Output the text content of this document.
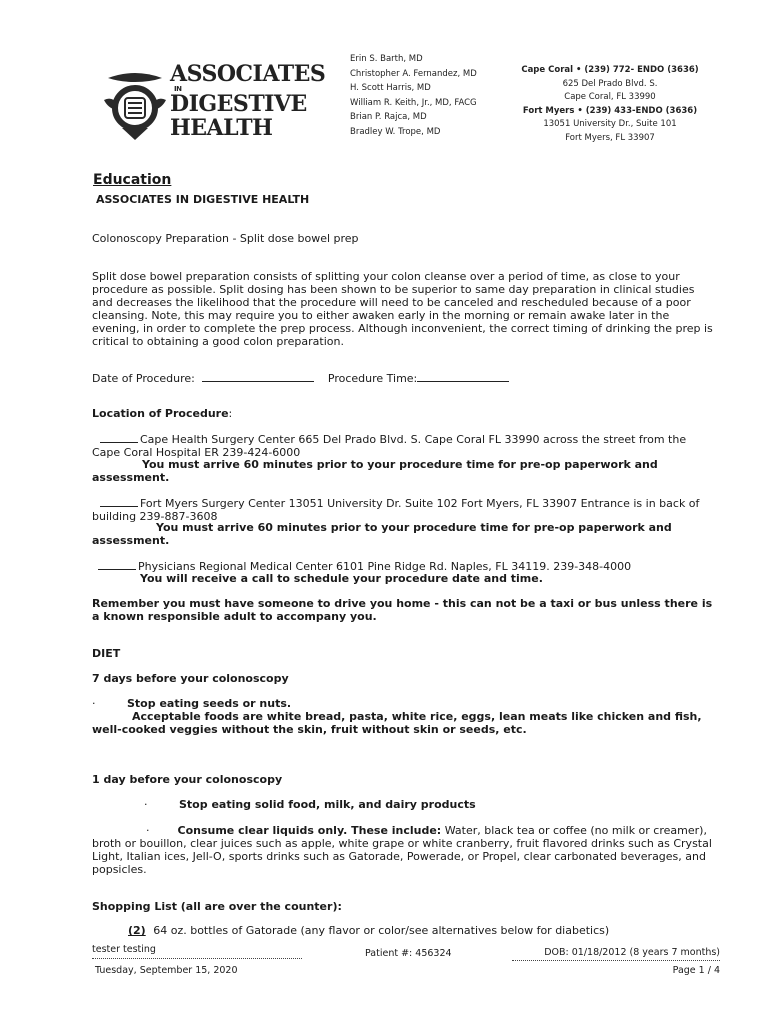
ASSOCIATES
IN
DIGESTIVE
HEALTH
Erin S. Barth, MD
Christopher A. Fernandez, MD
H. Scott Harris, MD
William R. Keith, Jr., MD, FACG
Brian P. Rajca, MD
Bradley W. Trope, MD
Cape Coral • (239) 772- ENDO (3636)
625 Del Prado Blvd. S.
Cape Coral, FL 33990
Fort Myers • (239) 433-ENDO (3636)
13051 University Dr., Suite 101
Fort Myers, FL 33907
Education
ASSOCIATES IN DIGESTIVE HEALTH
Colonoscopy Preparation - Split dose bowel prep
Split dose bowel preparation consists of splitting your colon cleanse over a period of time, as close to your procedure as possible. Split dosing has been shown to be superior to same day preparation in clinical studies and decreases the likelihood that the procedure will need to be canceled and rescheduled because of a poor cleansing. Note, this may require you to either awaken early in the morning or remain awake later in the evening, in order to complete the prep process. Although inconvenient, the correct timing of drinking the prep is critical to obtaining a good colon preparation.
Date of Procedure:	Procedure Time:
Location of Procedure:
Cape Health Surgery Center 665 Del Prado Blvd. S. Cape Coral FL 33990 across the street from the Cape Coral Hospital ER 239-424-6000
You must arrive 60 minutes prior to your procedure time for pre-op paperwork and assessment.
Fort Myers Surgery Center 13051 University Dr. Suite 102 Fort Myers, FL 33907 Entrance is in back of building 239-887-3608
You must arrive 60 minutes prior to your procedure time for pre-op paperwork and assessment.
Physicians Regional Medical Center 6101 Pine Ridge Rd. Naples, FL 34119. 239-348-4000
You will receive a call to schedule your procedure date and time.
Remember you must have someone to drive you home - this can not be a taxi or bus unless there is a known responsible adult to accompany you.
DIET
7 days before your colonoscopy
·	Stop eating seeds or nuts.
Acceptable foods are white bread, pasta, white rice, eggs, lean meats like chicken and fish, well-cooked veggies without the skin, fruit without skin or seeds, etc.
1 day before your colonoscopy
·	Stop eating solid food, milk, and dairy products
·	Consume clear liquids only. These include: Water, black tea or coffee (no milk or creamer), broth or bouillon, clear juices such as apple, white grape or white cranberry, fruit flavored drinks such as Crystal Light, Italian ices, Jell-O, sports drinks such as Gatorade, Powerade, or Propel, clear carbonated beverages, and popsicles.
Shopping List (all are over the counter):
(2) 64 oz. bottles of Gatorade (any flavor or color/see alternatives below for diabetics)
tester testing	Patient #: 456324	DOB: 01/18/2012 (8 years 7 months)
Tuesday, September 15, 2020	Page 1 / 4
